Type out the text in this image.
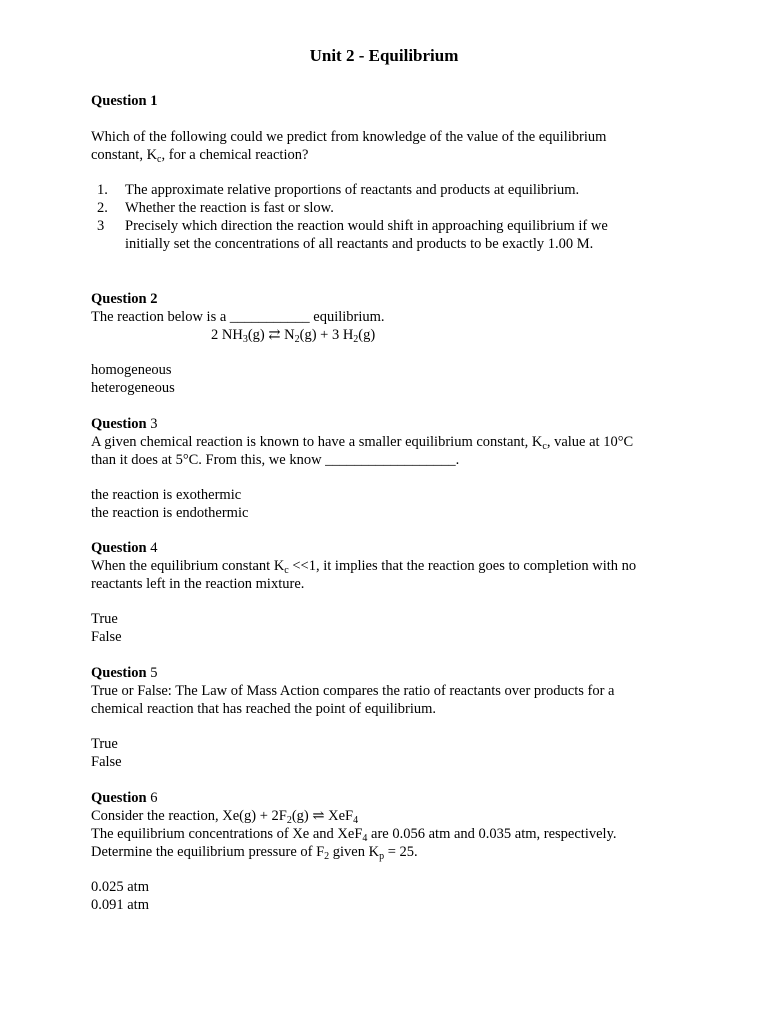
Unit 2 - Equilibrium
Question 1
Which of the following could we predict from knowledge of the value of the equilibrium
constant, $K_c$, for a chemical reaction?
1. The approximate relative proportions of reactants and products at equilibrium.
2. Whether the reaction is fast or slow.
3 Precisely which direction the reaction would shift in approaching equilibrium if we
initially set the concentrations of all reactants and products to be exactly 1.00 M.
Question 2
The reaction below is a ___________ equilibrium.
2 $NH_3(g)$ ⇄ $N_2(g) + 3$ $H_2(g)$
homogeneous
heterogeneous
Question 3
A given chemical reaction is known to have a smaller equilibrium constant, $K_c$, value at 10°C
than it does at 5°C. From this, we know __________________.
the reaction is exothermic
the reaction is endothermic
Question 4
When the equilibrium constant $K_c <<1$, it implies that the reaction goes to completion with no
reactants left in the reaction mixture.
True
False
Question 5
True or False: The Law of Mass Action compares the ratio of reactants over products for a
chemical reaction that has reached the point of equilibrium.
True
False
Question 6
Consider the reaction, $Xe(g) + 2F_2(g)$ ⇌ XeF$_4$
The equilibrium concentrations of Xe and XeF$_4$ are 0.056 atm and 0.035 atm, respectively.
Determine the equilibrium pressure of $F_2$ given $K_p = 25$.
0.025 atm
0.091 atm
